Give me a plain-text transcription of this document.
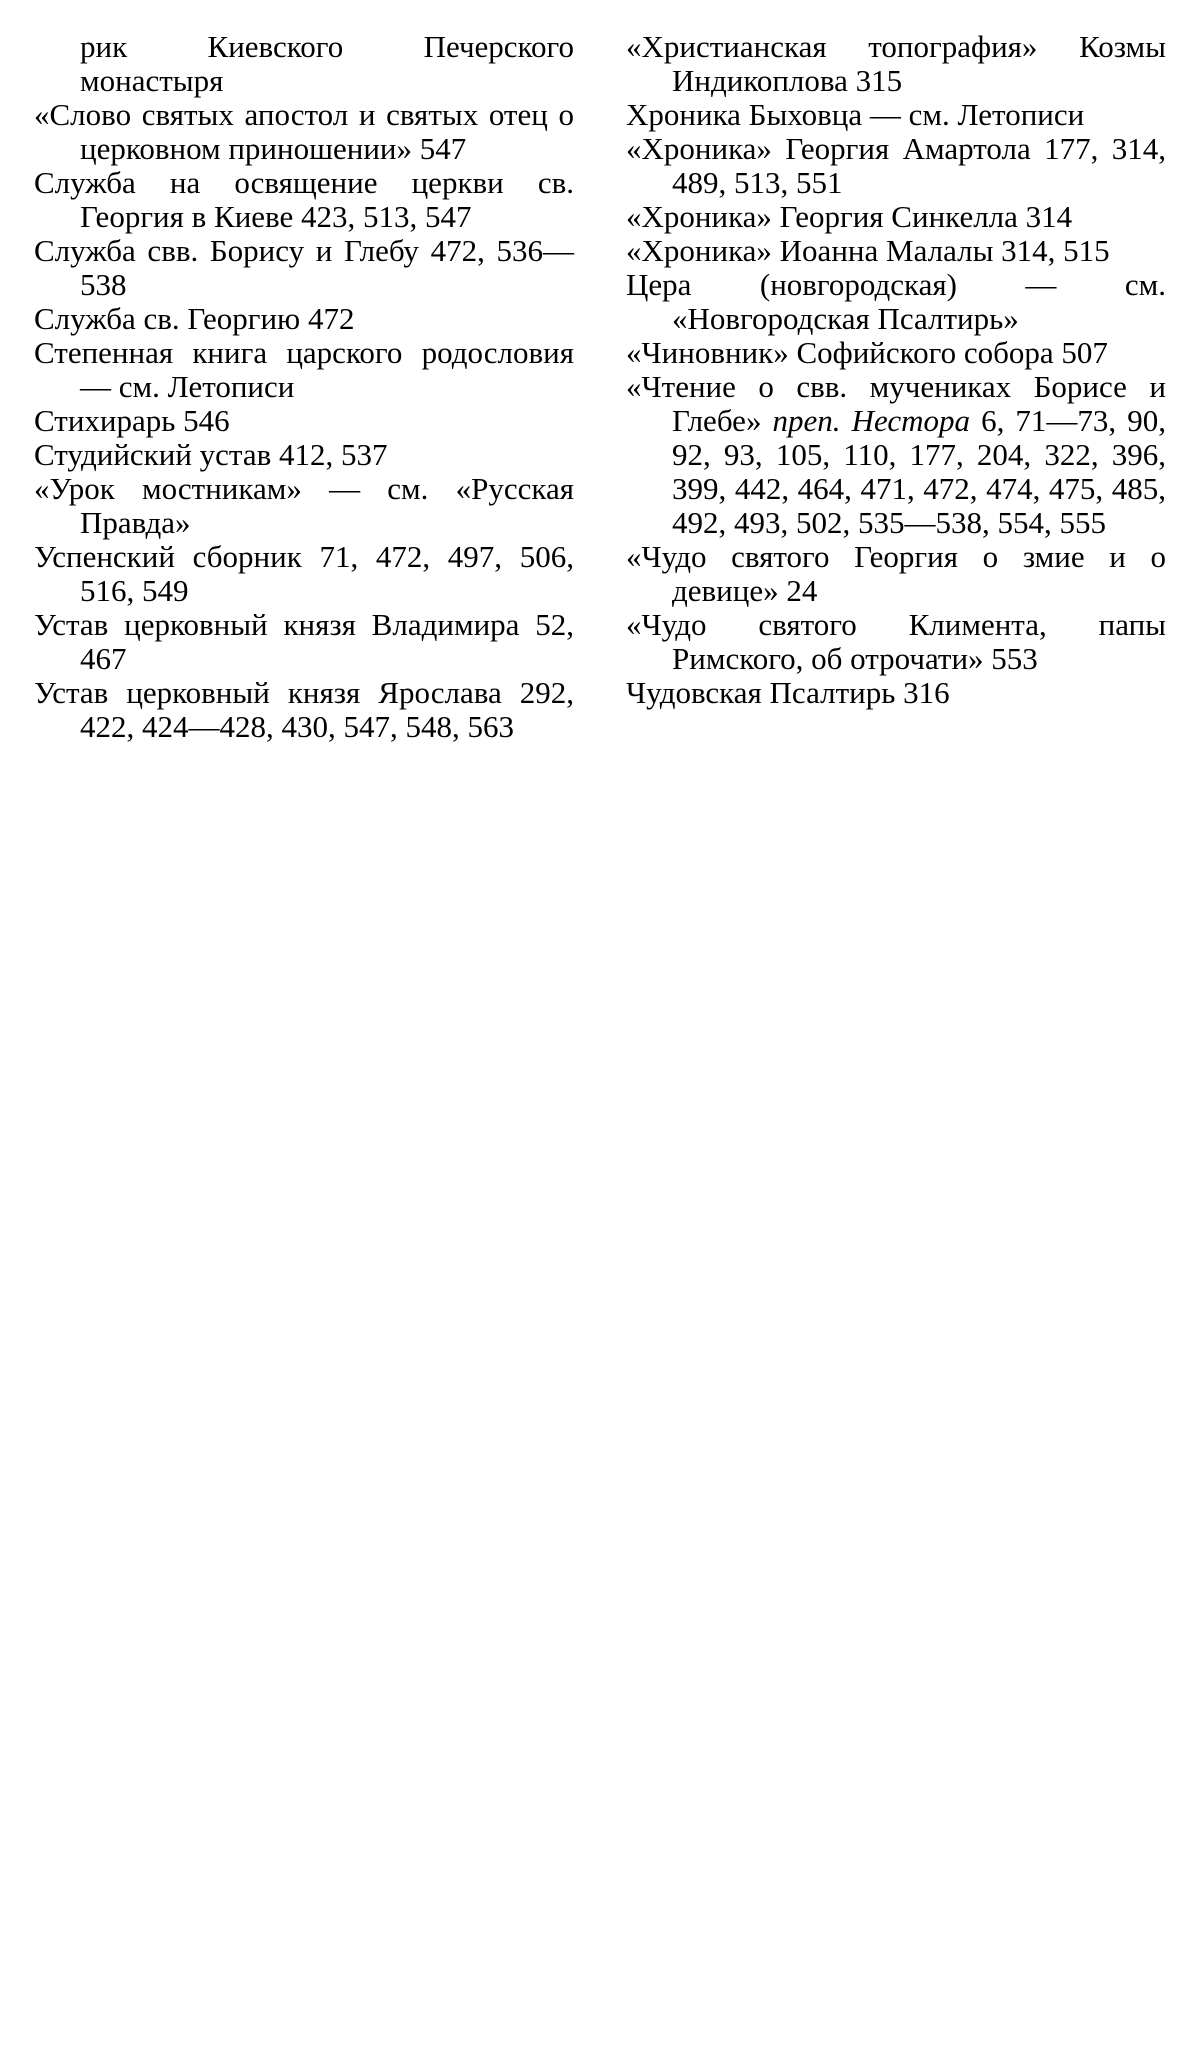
рик Киевского Печерского монастыря

«Слово святых апостол и святых отец о церковном приношении» 547

Служба на освящение церкви св. Георгия в Киеве 423, 513, 547

Служба свв. Борису и Глебу 472, 536—538

Служба св. Георгию 472

Степенная книга царского родословия — см. Летописи

Стихирарь 546

Студийский устав 412, 537

«Урок мостникам» — см. «Русская Правда»

Успенский сборник 71, 472, 497, 506, 516, 549

Устав церковный князя Владимира 52, 467

Устав церковный князя Ярослава 292, 422, 424—428, 430, 547, 548, 563

«Христианская топография» Козмы Индикоплова 315

Хроника Быховца — см. Летописи

«Хроника» Георгия Амартола 177, 314, 489, 513, 551

«Хроника» Георгия Синкелла 314

«Хроника» Иоанна Малалы 314, 515

Цера (новгородская) — см. «Новгородская Псалтирь»

«Чиновник» Софийского собора 507

«Чтение о свв. мучениках Борисе и Глебе» преп. Нестора 6, 71—73, 90, 92, 93, 105, 110, 177, 204, 322, 396, 399, 442, 464, 471, 472, 474, 475, 485, 492, 493, 502, 535—538, 554, 555

«Чудо святого Георгия о змие и о девице» 24

«Чудо святого Климента, папы Римского, об отрочати» 553

Чудовская Псалтирь 316
